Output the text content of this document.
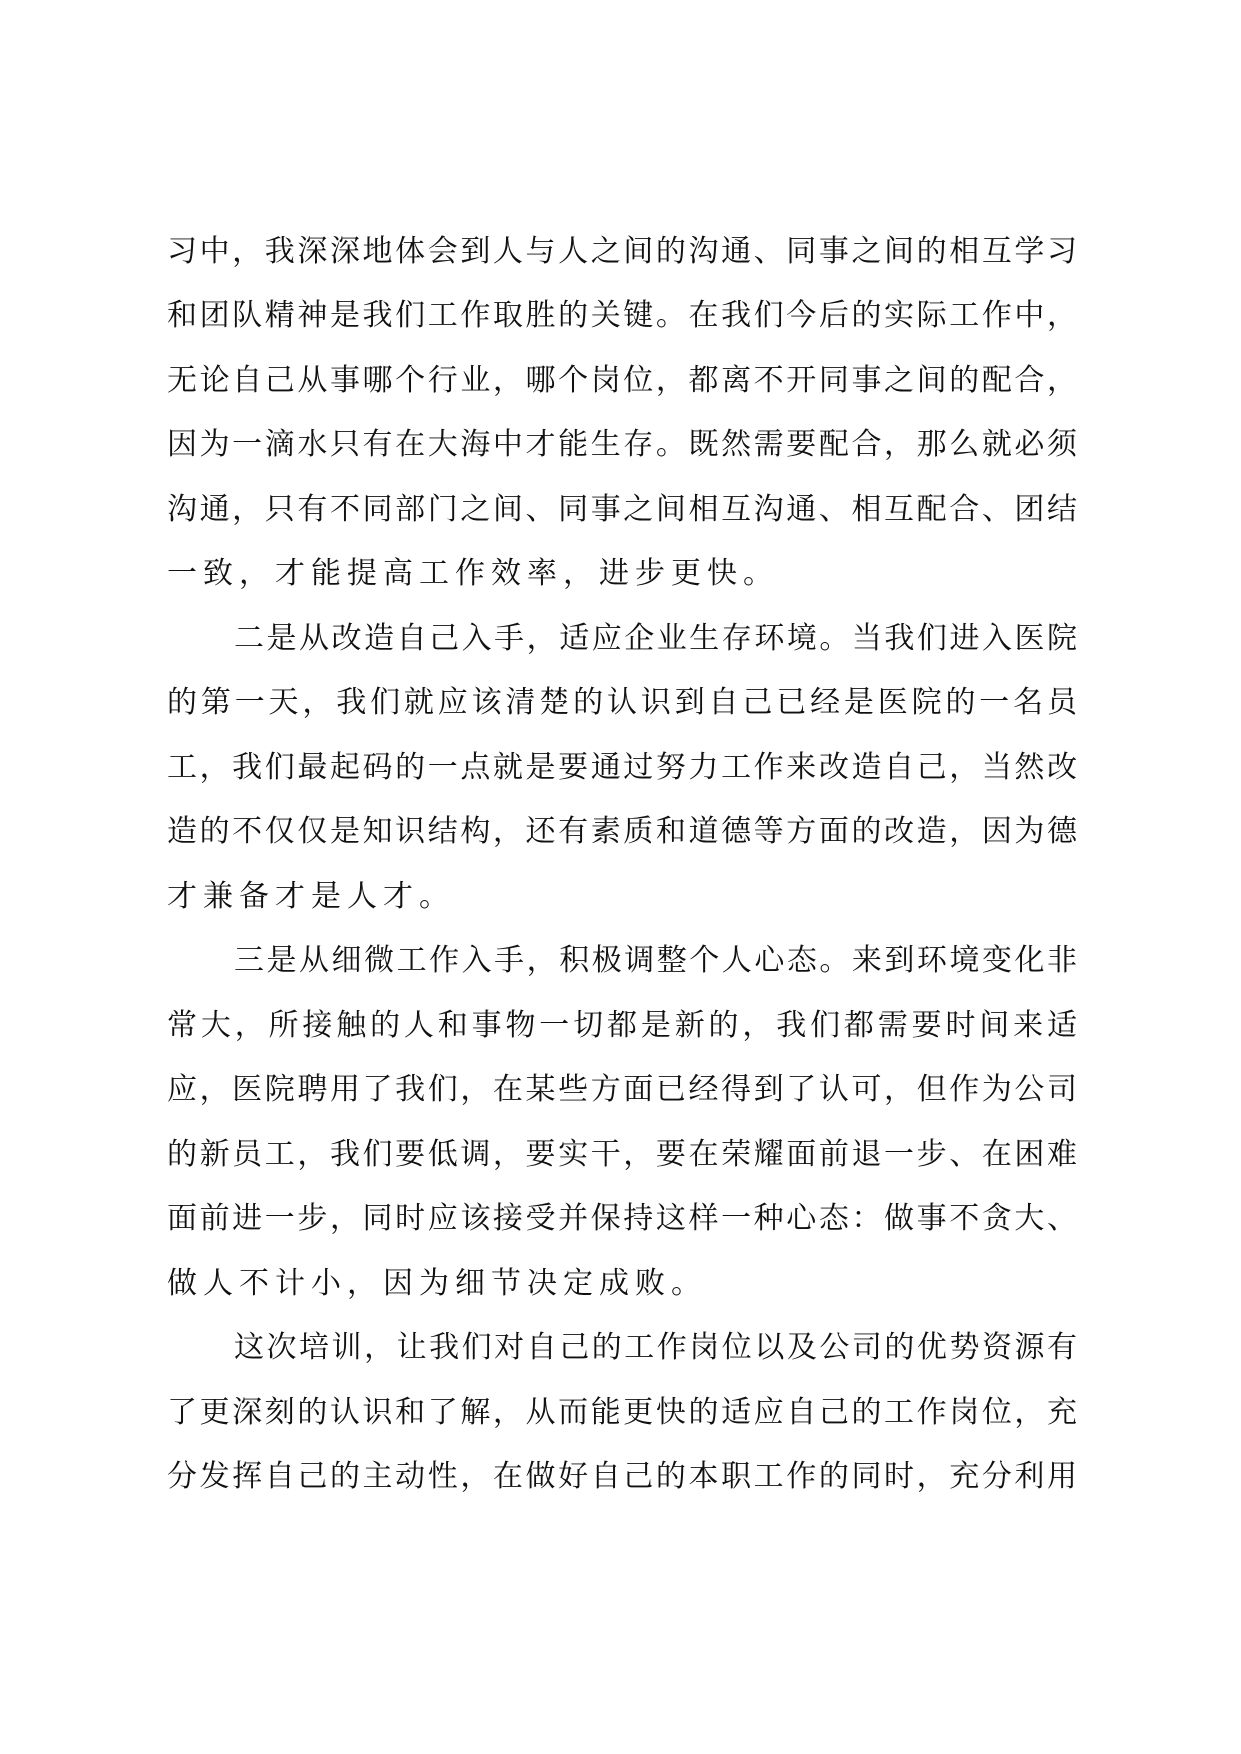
习中，我深深地体会到人与人之间的沟通、同事之间的相互学习
和团队精神是我们工作取胜的关键。在我们今后的实际工作中，
无论自己从事哪个行业，哪个岗位，都离不开同事之间的配合，
因为一滴水只有在大海中才能生存。既然需要配合，那么就必须
沟通，只有不同部门之间、同事之间相互沟通、相互配合、团结
一致，才能提高工作效率，进步更快。
二是从改造自己入手，适应企业生存环境。当我们进入医院
的第一天，我们就应该清楚的认识到自己已经是医院的一名员
工，我们最起码的一点就是要通过努力工作来改造自己，当然改
造的不仅仅是知识结构，还有素质和道德等方面的改造，因为德
才兼备才是人才。
三是从细微工作入手，积极调整个人心态。来到环境变化非
常大，所接触的人和事物一切都是新的，我们都需要时间来适
应，医院聘用了我们，在某些方面已经得到了认可，但作为公司
的新员工，我们要低调，要实干，要在荣耀面前退一步、在困难
面前进一步，同时应该接受并保持这样一种心态：做事不贪大、
做人不计小，因为细节决定成败。
这次培训，让我们对自己的工作岗位以及公司的优势资源有
了更深刻的认识和了解，从而能更快的适应自己的工作岗位，充
分发挥自己的主动性，在做好自己的本职工作的同时，充分利用
